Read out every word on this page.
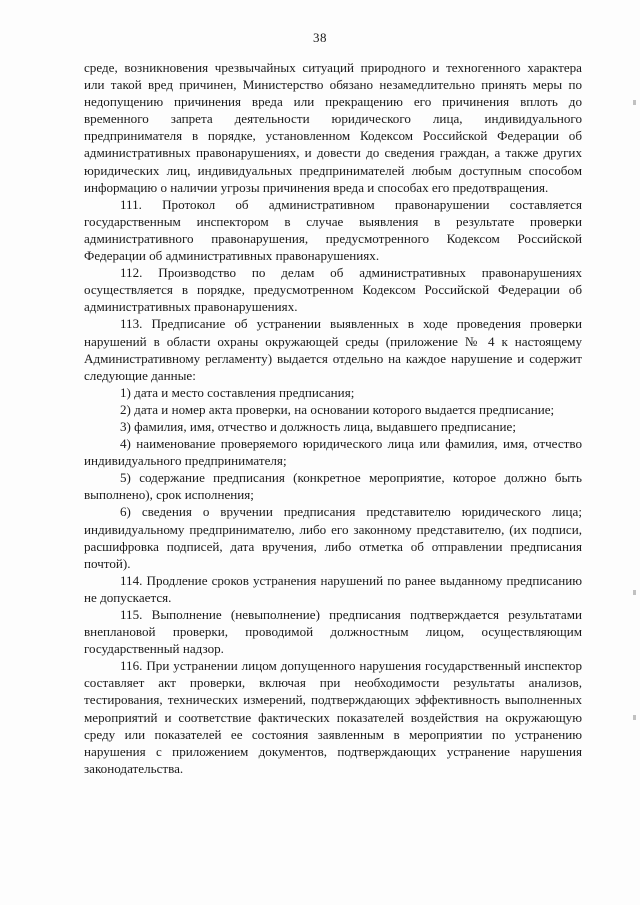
38

среде, возникновения чрезвычайных ситуаций природного и техногенного характера или такой вред причинен, Министерство обязано незамедлительно принять меры по недопущению причинения вреда или прекращению его причинения вплоть до временного запрета деятельности юридического лица, индивидуального предпринимателя в порядке, установленном Кодексом Российской Федерации об административных правонарушениях, и довести до сведения граждан, а также других юридических лиц, индивидуальных предпринимателей любым доступным способом информацию о наличии угрозы причинения вреда и способах его предотвращения.

111. Протокол об административном правонарушении составляется государственным инспектором в случае выявления в результате проверки административного правонарушения, предусмотренного Кодексом Российской Федерации об административных правонарушениях.

112. Производство по делам об административных правонарушениях осуществляется в порядке, предусмотренном Кодексом Российской Федерации об административных правонарушениях.

113. Предписание об устранении выявленных в ходе проведения проверки нарушений в области охраны окружающей среды (приложение № 4 к настоящему Административному регламенту) выдается отдельно на каждое нарушение и содержит следующие данные:

1) дата и место составления предписания;

2) дата и номер акта проверки, на основании которого выдается предписание;

3) фамилия, имя, отчество и должность лица, выдавшего предписание;

4) наименование проверяемого юридического лица или фамилия, имя, отчество индивидуального предпринимателя;

5) содержание предписания (конкретное мероприятие, которое должно быть выполнено), срок исполнения;

6) сведения о вручении предписания представителю юридического лица; индивидуальному предпринимателю, либо его законному представителю, (их подписи, расшифровка подписей, дата вручения, либо отметка об отправлении предписания почтой).

114. Продление сроков устранения нарушений по ранее выданному предписанию не допускается.

115. Выполнение (невыполнение) предписания подтверждается результатами внеплановой проверки, проводимой должностным лицом, осуществляющим государственный надзор.

116. При устранении лицом допущенного нарушения государственный инспектор составляет акт проверки, включая при необходимости результаты анализов, тестирования, технических измерений, подтверждающих эффективность выполненных мероприятий и соответствие фактических показателей воздействия на окружающую среду или показателей ее состояния заявленным в мероприятии по устранению нарушения с приложением документов, подтверждающих устранение нарушения законодательства.
